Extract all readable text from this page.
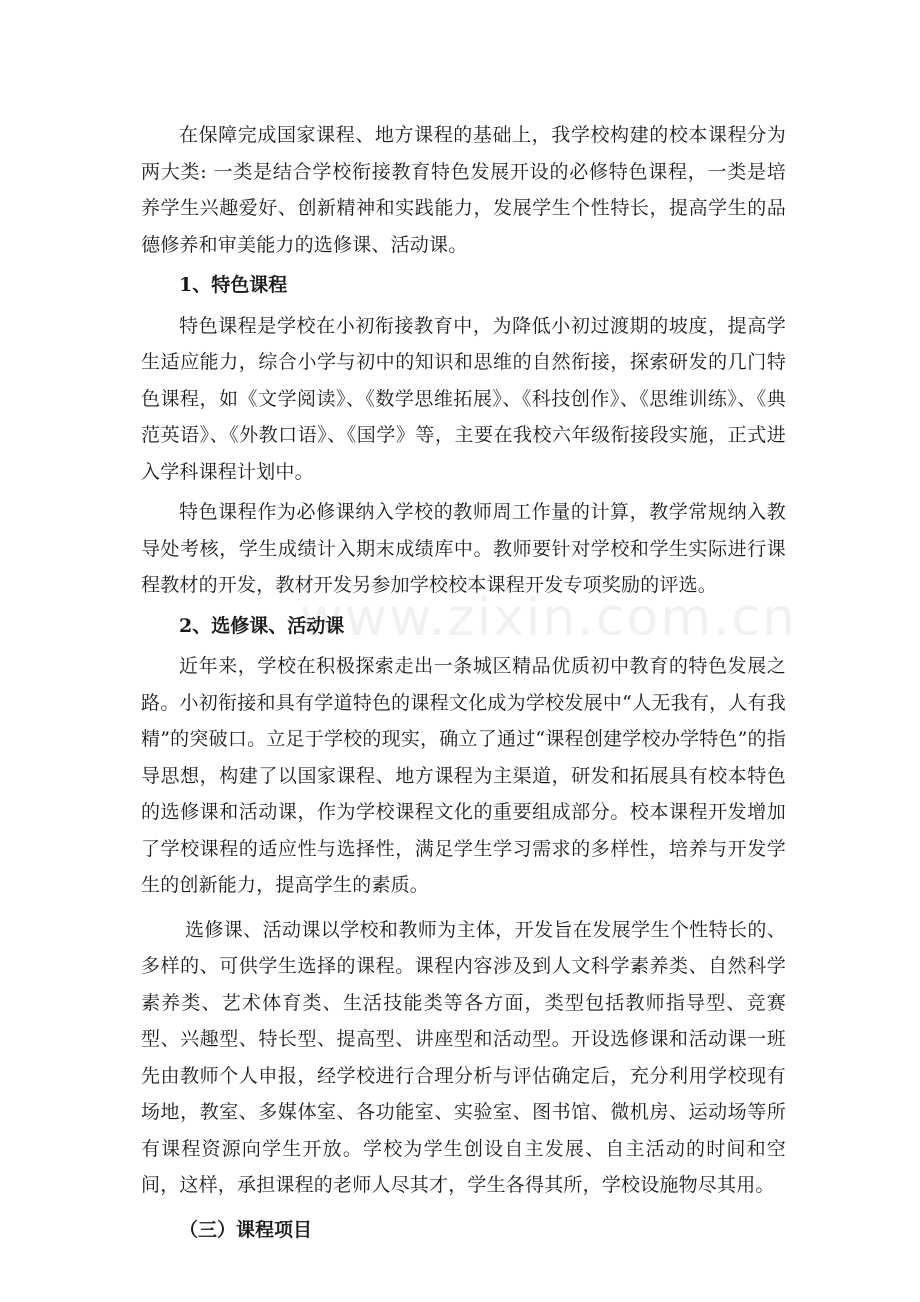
www.zixin.com.cn

在保障完成国家课程、地方课程的基础上，我学校构建的校本课程分为两大类: 一类是结合学校衔接教育特色发展开设的必修特色课程，一类是培养学生兴趣爱好、创新精神和实践能力，发展学生个性特长，提高学生的品德修养和审美能力的选修课、活动课。

1、特色课程

特色课程是学校在小初衔接教育中，为降低小初过渡期的坡度，提高学生适应能力，综合小学与初中的知识和思维的自然衔接，探索研发的几门特色课程，如《文学阅读》、《数学思维拓展》、《科技创作》、《思维训练》、《典范英语》、《外教口语》、《国学》等，主要在我校六年级衔接段实施，正式进入学科课程计划中。

特色课程作为必修课纳入学校的教师周工作量的计算，教学常规纳入教导处考核，学生成绩计入期末成绩库中。教师要针对学校和学生实际进行课程教材的开发，教材开发另参加学校校本课程开发专项奖励的评选。

2、选修课、活动课

近年来，学校在积极探索走出一条城区精品优质初中教育的特色发展之路。小初衔接和具有学道特色的课程文化成为学校发展中“人无我有，人有我精”的突破口。立足于学校的现实，确立了通过“课程创建学校办学特色”的指导思想，构建了以国家课程、地方课程为主渠道，研发和拓展具有校本特色的选修课和活动课，作为学校课程文化的重要组成部分。校本课程开发增加了学校课程的适应性与选择性，满足学生学习需求的多样性，培养与开发学生的创新能力，提高学生的素质。

选修课、活动课以学校和教师为主体，开发旨在发展学生个性特长的、多样的、可供学生选择的课程。课程内容涉及到人文科学素养类、自然科学素养类、艺术体育类、生活技能类等各方面，类型包括教师指导型、竞赛型、兴趣型、特长型、提高型、讲座型和活动型。开设选修课和活动课一班先由教师个人申报，经学校进行合理分析与评估确定后，充分利用学校现有场地，教室、多媒体室、各功能室、实验室、图书馆、微机房、运动场等所有课程资源向学生开放。学校为学生创设自主发展、自主活动的时间和空间，这样，承担课程的老师人尽其才，学生各得其所，学校设施物尽其用。

（三）课程项目
